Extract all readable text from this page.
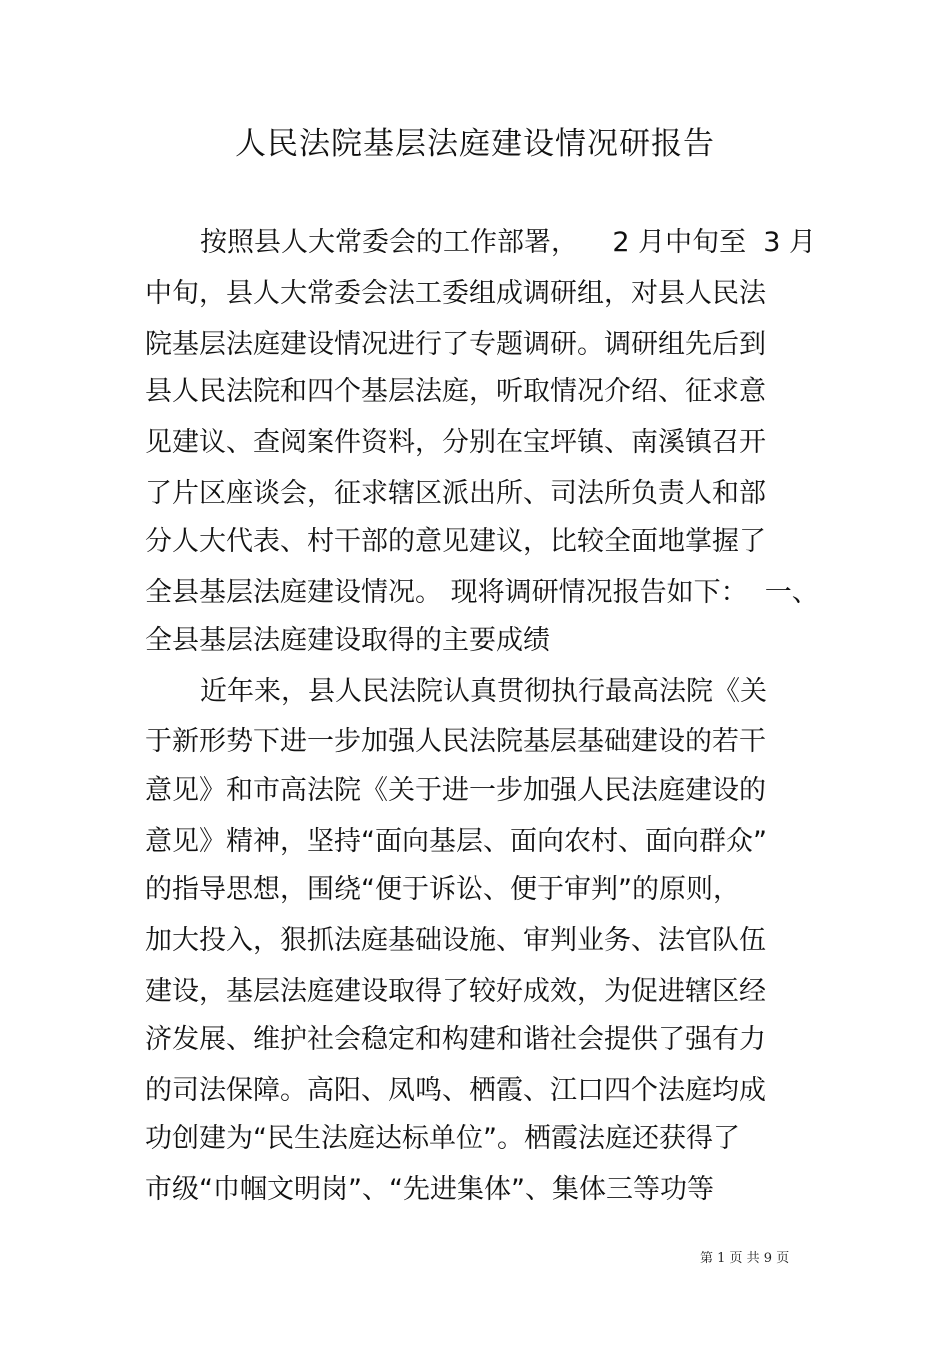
人民法院基层法庭建设情况研报告
按照县人大常委会的工作部署，    2 月中旬至  3 月
中旬，县人大常委会法工委组成调研组，对县人民法
院基层法庭建设情况进行了专题调研。调研组先后到
县人民法院和四个基层法庭，听取情况介绍、征求意
见建议、查阅案件资料，分别在宝坪镇、南溪镇召开
了片区座谈会，征求辖区派出所、司法所负责人和部
分人大代表、村干部的意见建议，比较全面地掌握了
全县基层法庭建设情况。 现将调研情况报告如下：  一、
全县基层法庭建设取得的主要成绩
近年来，县人民法院认真贯彻执行最高法院《关
于新形势下进一步加强人民法院基层基础建设的若干
意见》和市高法院《关于进一步加强人民法庭建设的
意见》精神，坚持“面向基层、面向农村、面向群众”
的指导思想，围绕“便于诉讼、便于审判”的原则，
加大投入，狠抓法庭基础设施、审判业务、法官队伍
建设，基层法庭建设取得了较好成效，为促进辖区经
济发展、维护社会稳定和构建和谐社会提供了强有力
的司法保障。高阳、凤鸣、栖霞、江口四个法庭均成
功创建为“民生法庭达标单位”。栖霞法庭还获得了
市级“巾帼文明岗”、“先进集体”、集体三等功等
第 1 页 共 9 页
